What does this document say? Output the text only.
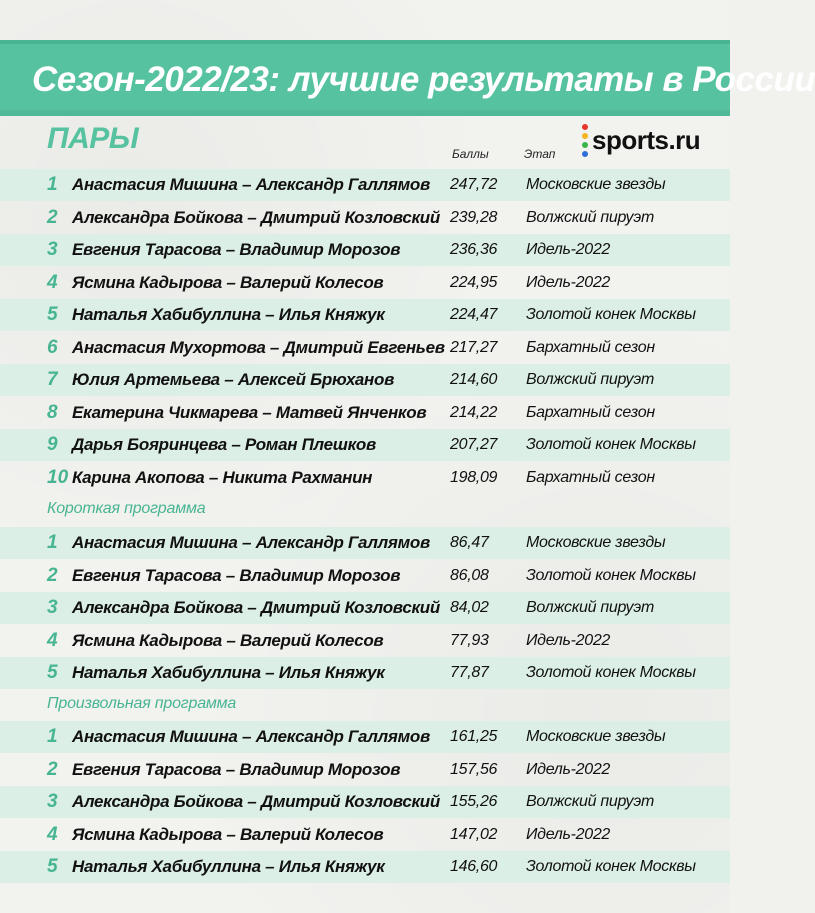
Сезон-2022/23: лучшие результаты в России
ПАРЫ	sports.ru
Баллы	Этап
1 Анастасия Мишина – Александр Галлямов 247,72 Московские звезды
2 Александра Бойкова – Дмитрий Козловский 239,28 Волжский пируэт
3 Евгения Тарасова – Владимир Морозов	236,36 Идель-2022
4 Ясмина Кадырова – Валерий Колесов	224,95 Идель-2022
5 Наталья Хабибуллина – Илья Княжук	224,47 Золотой конек Москвы
6 Анастасия Мухортова – Дмитрий Евгеньев 217,27 Бархатный сезон
7 Юлия Артемьева – Алексей Брюханов	214,60 Волжский пируэт
8 Екатерина Чикмарева – Матвей Янченков 214,22 Бархатный сезон
9 Дарья Бояринцева – Роман Плешков	207,27 Золотой конек Москвы
10 Карина Акопова – Никита Рахманин	198,09 Бархатный сезон
Короткая программа
1 Анастасия Мишина – Александр Галлямов 86,47 Московские звезды
2 Евгения Тарасова – Владимир Морозов	86,08 Золотой конек Москвы
3 Александра Бойкова – Дмитрий Козловский 84,02 Волжский пируэт
4 Ясмина Кадырова – Валерий Колесов	77,93 Идель-2022
5 Наталья Хабибуллина – Илья Княжук	77,87 Золотой конек Москвы
Произвольная программа
1 Анастасия Мишина – Александр Галлямов 161,25 Московские звезды
2 Евгения Тарасова – Владимир Морозов	157,56 Идель-2022
3 Александра Бойкова – Дмитрий Козловский 155,26 Волжский пируэт
4 Ясмина Кадырова – Валерий Колесов	147,02 Идель-2022
5 Наталья Хабибуллина – Илья Княжук	146,60 Золотой конек Москвы
